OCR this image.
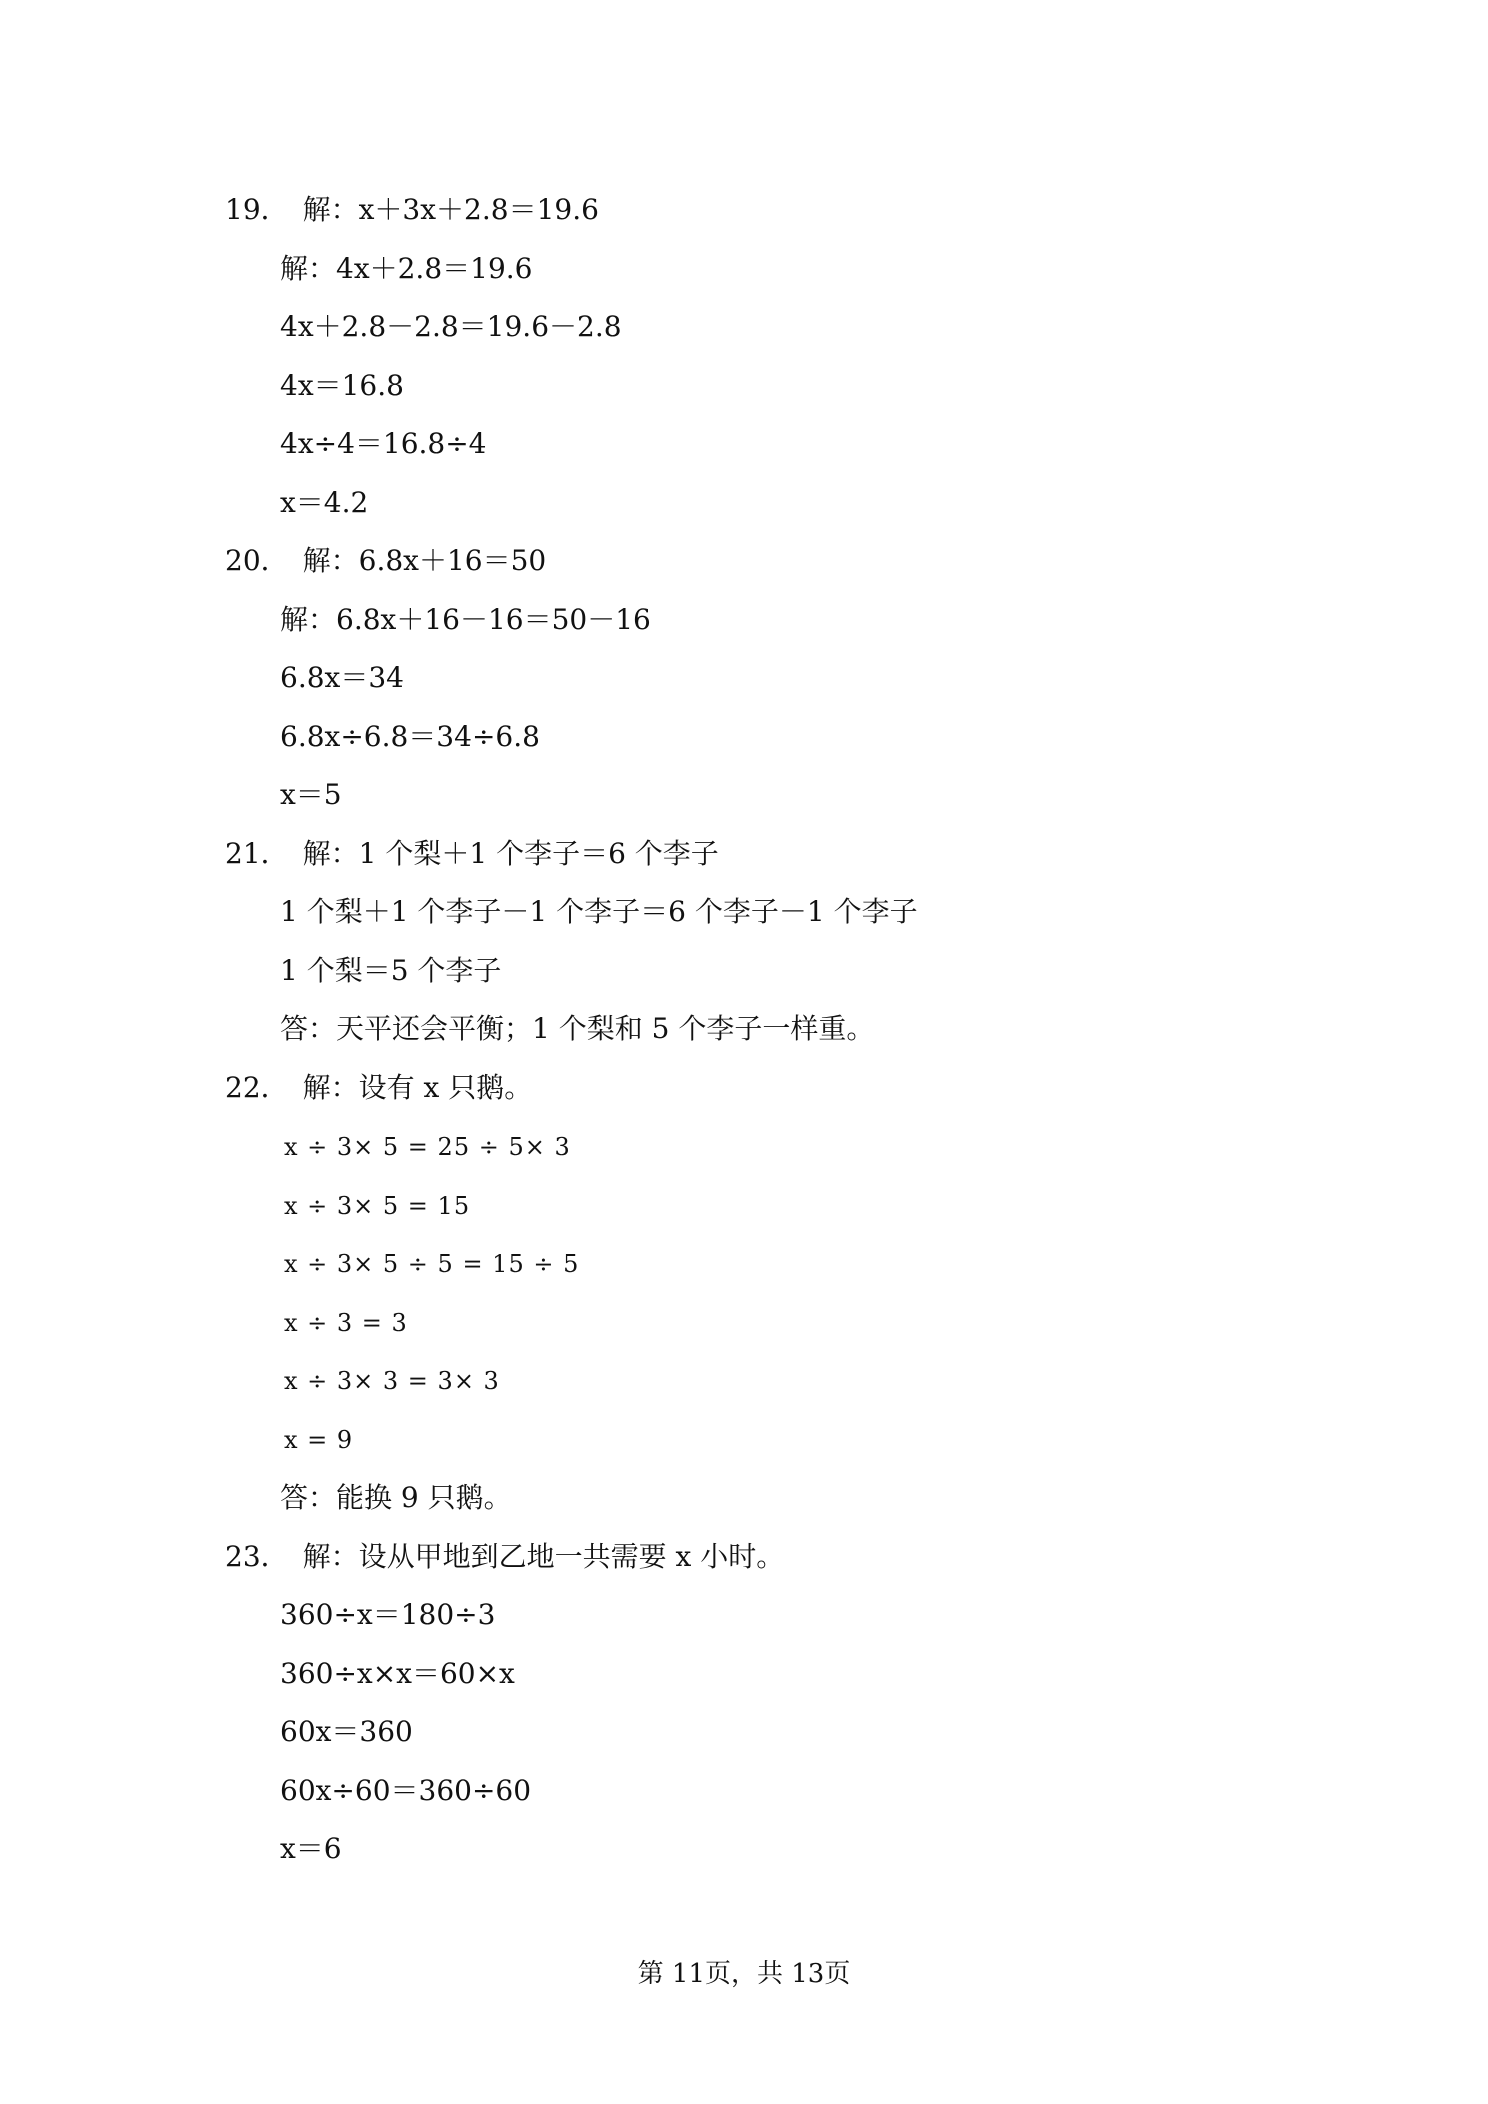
19． 解：x＋3x＋2.8＝19.6
解：4x＋2.8＝19.6
4x＋2.8－2.8＝19.6－2.8
4x＝16.8
4x÷4＝16.8÷4
x＝4.2
20． 解：6.8x＋16＝50
解：6.8x＋16－16＝50－16
6.8x＝34
6.8x÷6.8＝34÷6.8
x＝5
21． 解：1 个梨＋1 个李子＝6 个李子
1 个梨＋1 个李子－1 个李子＝6 个李子－1 个李子
1 个梨＝5 个李子
答：天平还会平衡；1 个梨和 5 个李子一样重。
22． 解：设有 x 只鹅。
x ÷ 3× 5 = 25 ÷ 5× 3
x ÷ 3× 5 = 15
x ÷ 3× 5 ÷ 5 = 15 ÷ 5
x ÷ 3 = 3
x ÷ 3× 3 = 3× 3
x = 9
答：能换 9 只鹅。
23． 解：设从甲地到乙地一共需要 x 小时。
360÷x＝180÷3
360÷x×x＝60×x
60x＝360
60x÷60＝360÷60
x＝6
第 11页，共 13页
